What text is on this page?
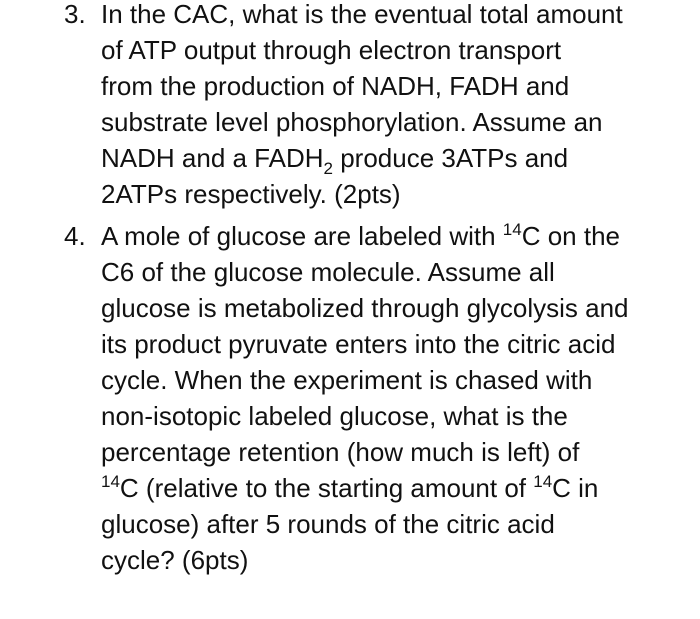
3. In the CAC, what is the eventual total amount
of ATP output through electron transport
from the production of NADH, FADH and
substrate level phosphorylation. Assume an
NADH and a $FADH_2$ produce 3ATPs and
2ATPs respectively. (2pts)
4. A mole of glucose are labeled with $^{14}$C on the
C6 of the glucose molecule. Assume all
glucose is metabolized through glycolysis and
its product pyruvate enters into the citric acid
cycle. When the experiment is chased with
non-isotopic labeled glucose, what is the
percentage retention (how much is left) of
$^{14}$C (relative to the starting amount of $^{14}$C in
glucose) after 5 rounds of the citric acid
cycle? (6pts)
